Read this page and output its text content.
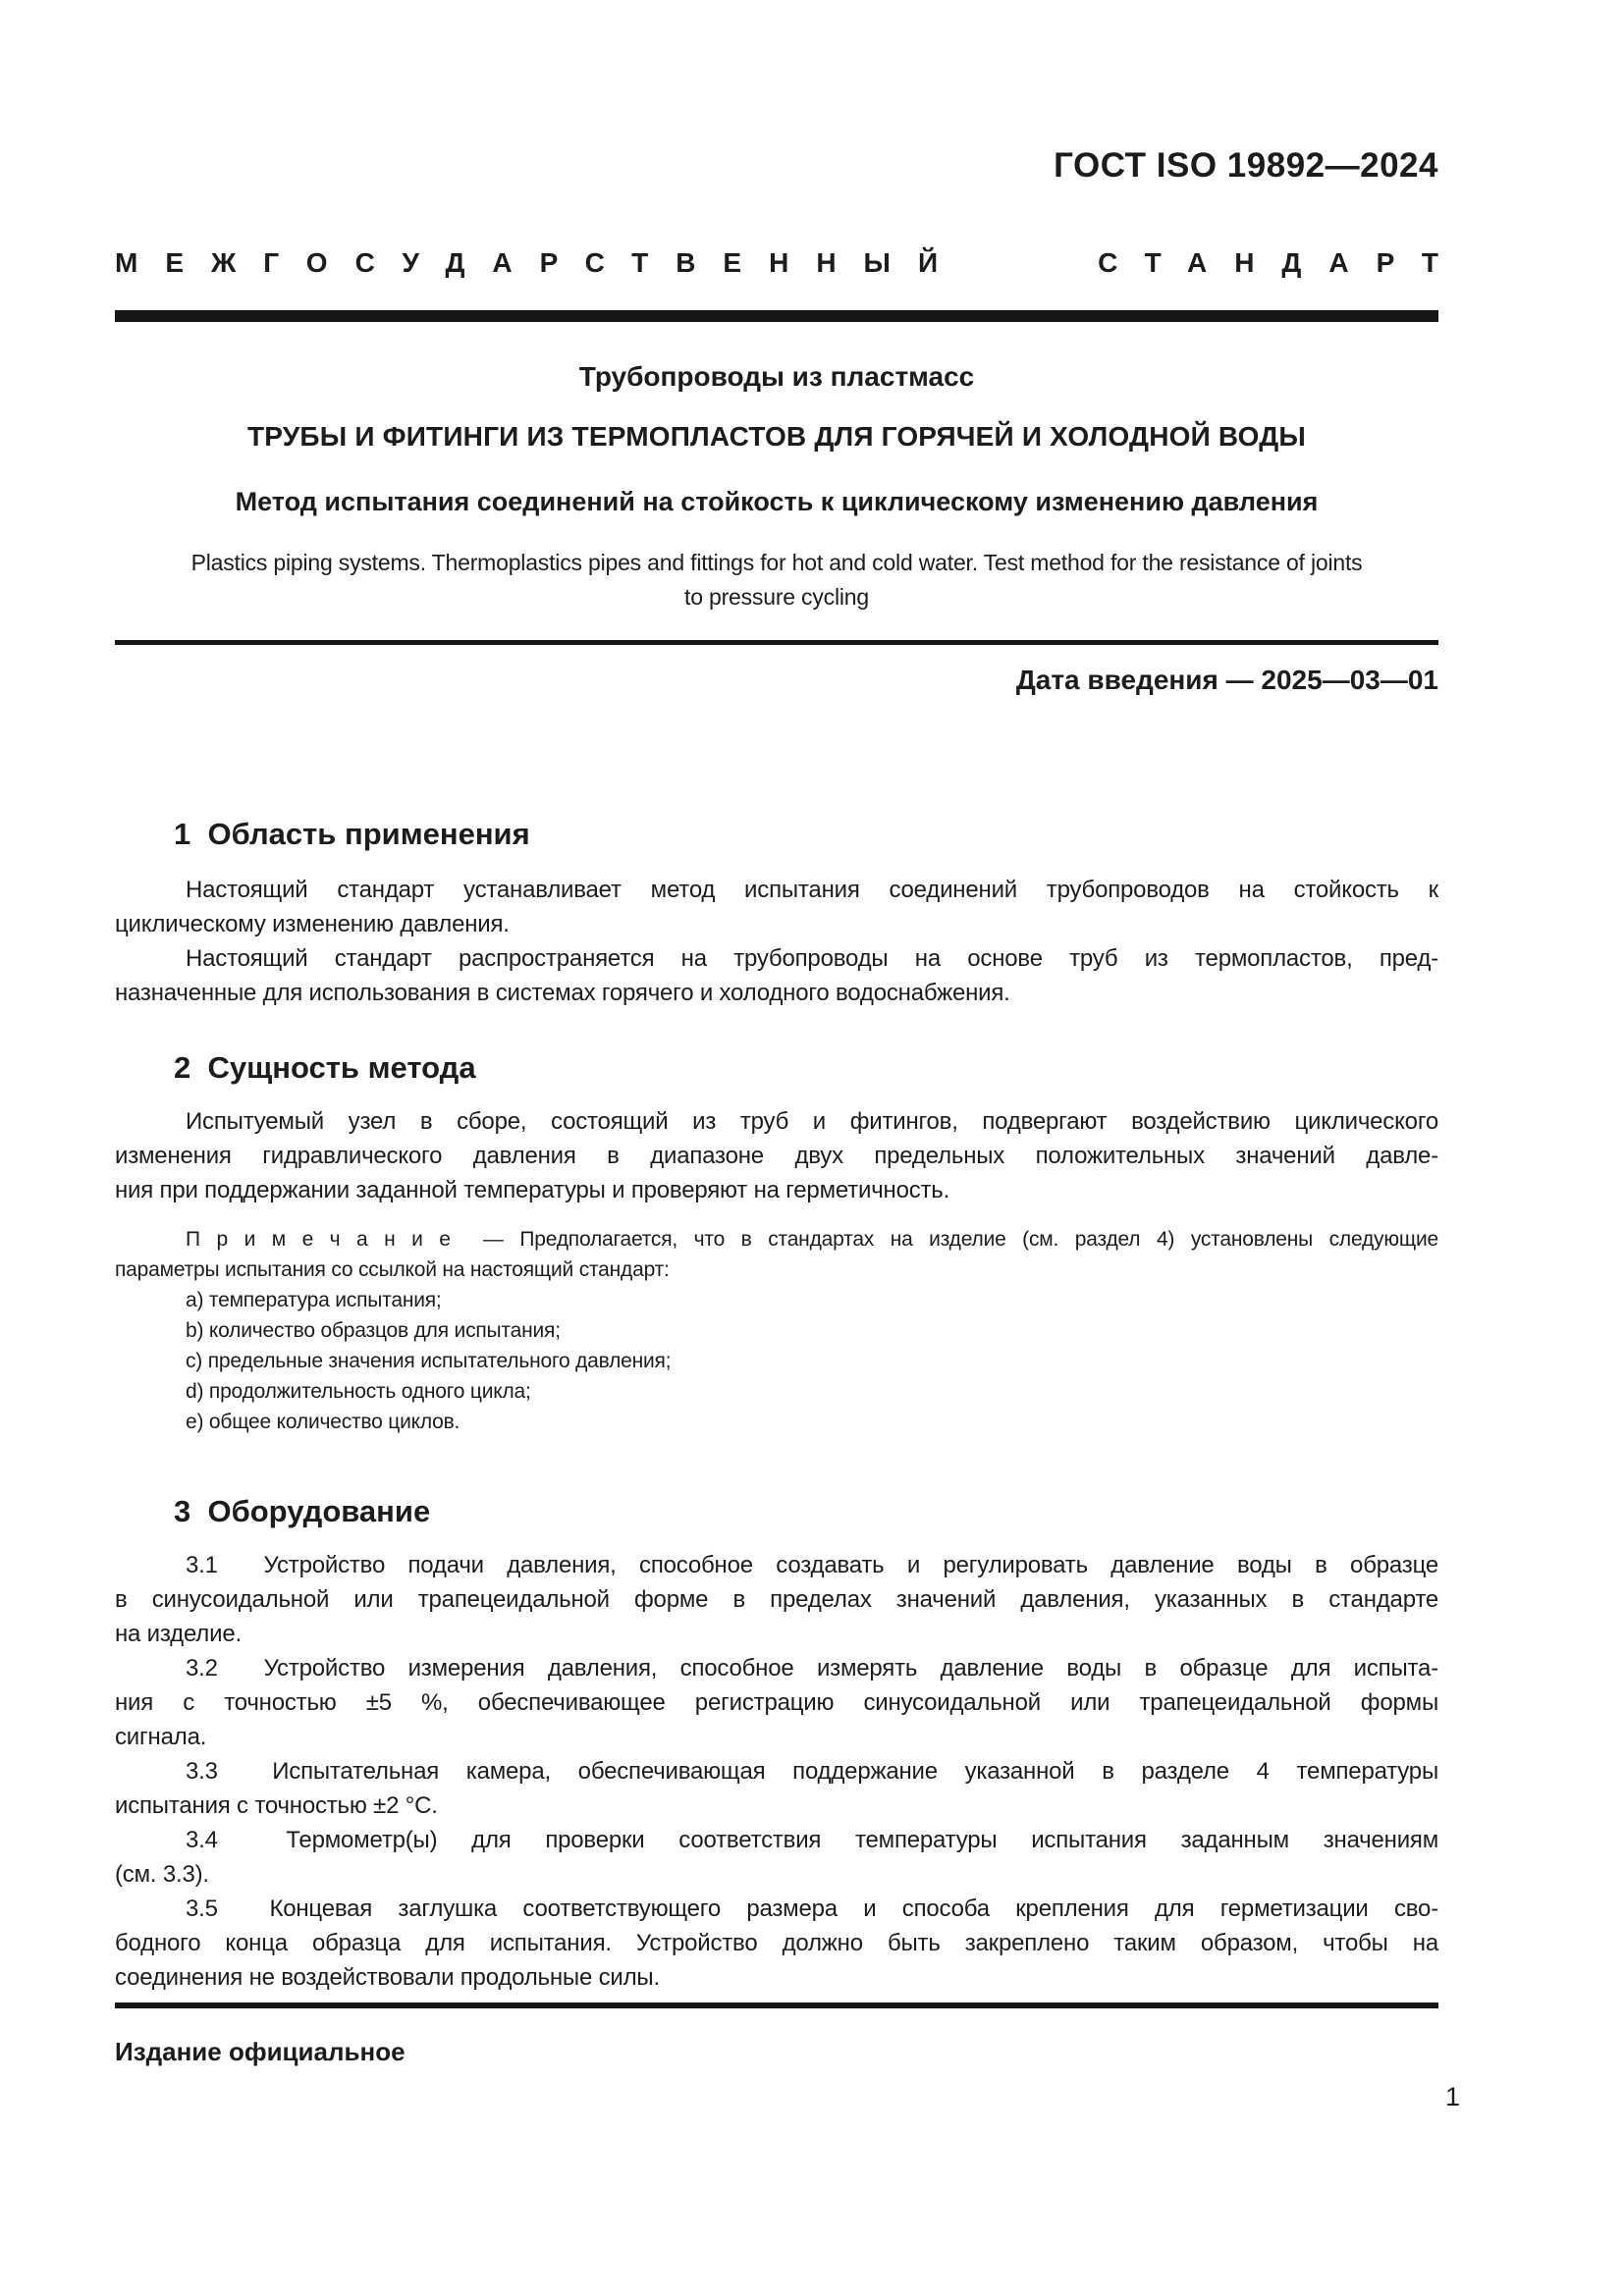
ГОСТ ISO 19892—2024
МЕЖГОСУДАРСТВЕННЫЙ	СТАНДАРТ
Трубопроводы из пластмасс
ТРУБЫ И ФИТИНГИ ИЗ ТЕРМОПЛАСТОВ ДЛЯ ГОРЯЧЕЙ И ХОЛОДНОЙ ВОДЫ
Метод испытания соединений на стойкость к циклическому изменению давления
Plastics piping systems. Thermoplastics pipes and fittings for hot and cold water. Test method for the resistance of joints
to pressure cycling
Дата введения — 2025—03—01
1  Область применения
Настоящий стандарт устанавливает метод испытания соединений трубопроводов на стойкость к
циклическому изменению давления.
Настоящий стандарт распространяется на трубопроводы на основе труб из термопластов, пред-
назначенные для использования в системах горячего и холодного водоснабжения.
2  Сущность метода
Испытуемый узел в сборе, состоящий из труб и фитингов, подвергают воздействию циклического
изменения гидравлического давления в диапазоне двух предельных положительных значений давле-
ния при поддержании заданной температуры и проверяют на герметичность.
П р и м е ч а н и е  — Предполагается, что в стандартах на изделие (см. раздел 4) установлены следующие
параметры испытания со ссылкой на настоящий стандарт:
a) температура испытания;
b) количество образцов для испытания;
c) предельные значения испытательного давления;
d) продолжительность одного цикла;
e) общее количество циклов.
3  Оборудование
3.1  Устройство подачи давления, способное создавать и регулировать давление воды в образце
в синусоидальной или трапецеидальной форме в пределах значений давления, указанных в стандарте
на изделие.
3.2  Устройство измерения давления, способное измерять давление воды в образце для испыта-
ния с точностью ±5 %, обеспечивающее регистрацию синусоидальной или трапецеидальной формы
сигнала.
3.3  Испытательная камера, обеспечивающая поддержание указанной в разделе 4 температуры
испытания с точностью ±2 °C.
3.4  Термометр(ы) для проверки соответствия температуры испытания заданным значениям
(см. 3.3).
3.5  Концевая заглушка соответствующего размера и способа крепления для герметизации сво-
бодного конца образца для испытания. Устройство должно быть закреплено таким образом, чтобы на
соединения не воздействовали продольные силы.
Издание официальное
1
